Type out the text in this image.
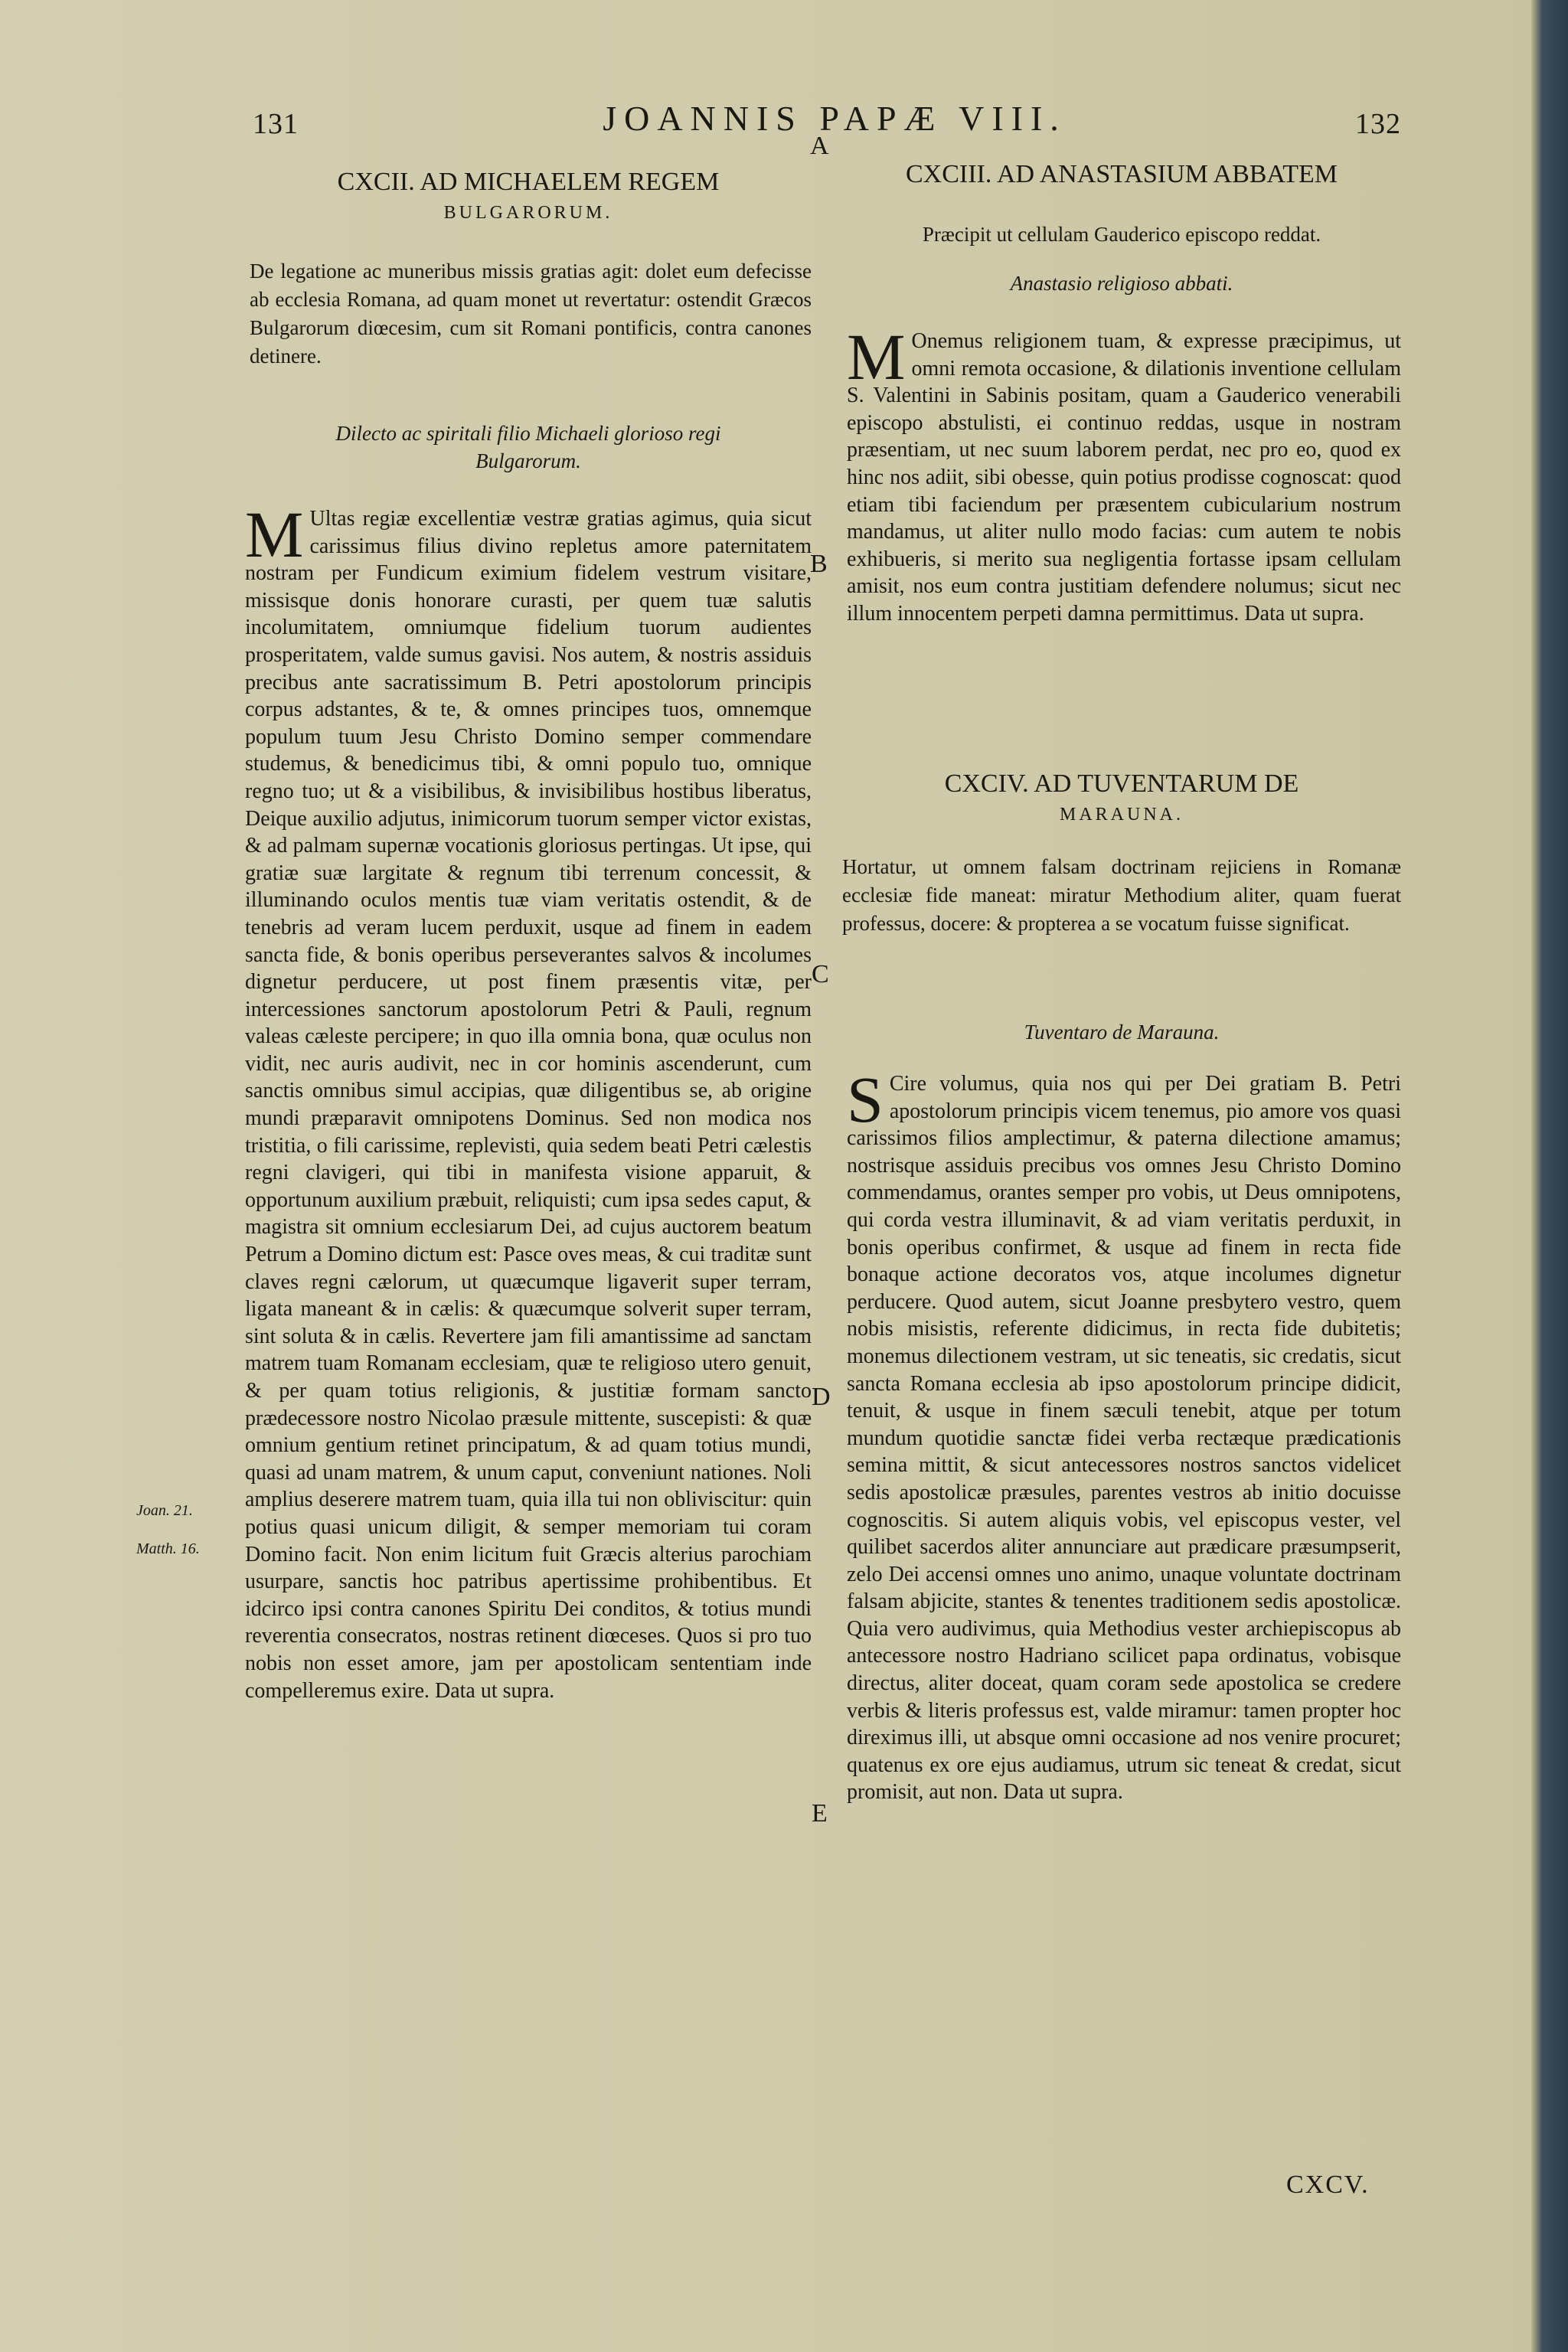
131	JOANNIS PAPÆ VIII.	132
A
B
C
D
E
CXCII. AD MICHAELEM REGEM
BULGARORUM.
De legatione ac muneribus missis gratias agit: dolet eum defecisse ab ecclesia Romana, ad quam monet ut revertatur: ostendit Græcos Bulgarorum diœcesim, cum sit Romani pontificis, contra canones detinere.
Dilecto ac spiritali filio Michaeli glorioso regi Bulgarorum.
M Ultas regiæ excellentiæ vestræ gratias agimus, quia sicut carissimus filius divino repletus amore paternitatem nostram per Fundicum eximium fidelem vestrum visitare, missisque donis honorare curasti, per quem tuæ salutis incolumitatem, omniumque fidelium tuorum audientes prosperitatem, valde sumus gavisi. Nos autem, & nostris assiduis precibus ante sacratissimum B. Petri apostolorum principis corpus adstantes, & te, & omnes principes tuos, omnemque populum tuum Jesu Christo Domino semper commendare studemus, & benedicimus tibi, & omni populo tuo, omnique regno tuo; ut & a visibilibus, & invisibilibus hostibus liberatus, Deique auxilio adjutus, inimicorum tuorum semper victor existas, & ad palmam supernæ vocationis gloriosus pertingas. Ut ipse, qui gratiæ suæ largitate & regnum tibi terrenum concessit, & illuminando oculos mentis tuæ viam veritatis ostendit, & de tenebris ad veram lucem perduxit, usque ad finem in eadem sancta fide, & bonis operibus perseverantes salvos & incolumes dignetur perducere, ut post finem præsentis vitæ, per intercessiones sanctorum apostolorum Petri & Pauli, regnum valeas cæleste percipere; in quo illa omnia bona, quæ oculus non vidit, nec auris audivit, nec in cor hominis ascenderunt, cum sanctis omnibus simul accipias, quæ diligentibus se, ab origine mundi præparavit omnipotens Dominus. Sed non modica nos tristitia, o fili carissime, replevisti, quia sedem beati Petri cælestis regni clavigeri, qui tibi in manifesta visione apparuit, & opportunum auxilium præbuit, reliquisti; cum ipsa sedes caput, & magistra sit omnium ecclesiarum Dei, ad cujus auctorem beatum Petrum a Domino dictum est: Pasce oves meas, & cui traditæ sunt claves regni cælorum, ut quæcumque ligaverit super terram, ligata maneant & in cælis: & quæcumque solverit super terram, sint soluta & in cælis. Revertere jam fili amantissime ad sanctam matrem tuam Romanam ecclesiam, quæ te religioso utero genuit, & per quam totius religionis, & justitiæ formam sancto prædecessore nostro Nicolao præsule mittente, suscepisti: & quæ omnium gentium retinet principatum, & ad quam totius mundi, quasi ad unam matrem, & unum caput, conveniunt nationes. Noli amplius deserere matrem tuam, quia illa tui non obliviscitur: quin potius quasi unicum diligit, & semper memoriam tui coram Domino facit. Non enim licitum fuit Græcis alterius parochiam usurpare, sanctis hoc patribus apertissime prohibentibus. Et idcirco ipsi contra canones Spiritu Dei conditos, & totius mundi reverentia consecratos, nostras retinent diœceses. Quos si pro tuo nobis non esset amore, jam per apostolicam sententiam inde compelleremus exire. Data ut supra.
Joan. 21.
Matth. 16.
CXCIII. AD ANASTASIUM ABBATEM
Præcipit ut cellulam Gauderico episcopo reddat.
Anastasio religioso abbati.
M Onemus religionem tuam, & expresse præcipimus, ut omni remota occasione, & dilationis inventione cellulam S. Valentini in Sabinis positam, quam a Gauderico venerabili episcopo abstulisti, ei continuo reddas, usque in nostram præsentiam, ut nec suum laborem perdat, nec pro eo, quod ex hinc nos adiit, sibi obesse, quin potius prodisse cognoscat: quod etiam tibi faciendum per præsentem cubicularium nostrum mandamus, ut aliter nullo modo facias: cum autem te nobis exhibueris, si merito sua negligentia fortasse ipsam cellulam amisit, nos eum contra justitiam defendere nolumus; sicut nec illum innocentem perpeti damna permittimus. Data ut supra.
CXCIV. AD TUVENTARUM DE
MARAUNA.
Hortatur, ut omnem falsam doctrinam rejiciens in Romanæ ecclesiæ fide maneat: miratur Methodium aliter, quam fuerat professus, docere: & propterea a se vocatum fuisse significat.
Tuventaro de Marauna.
S Cire volumus, quia nos qui per Dei gratiam B. Petri apostolorum principis vicem tenemus, pio amore vos quasi carissimos filios amplectimur, & paterna dilectione amamus; nostrisque assiduis precibus vos omnes Jesu Christo Domino commendamus, orantes semper pro vobis, ut Deus omnipotens, qui corda vestra illuminavit, & ad viam veritatis perduxit, in bonis operibus confirmet, & usque ad finem in recta fide bonaque actione decoratos vos, atque incolumes dignetur perducere. Quod autem, sicut Joanne presbytero vestro, quem nobis misistis, referente didicimus, in recta fide dubitetis; monemus dilectionem vestram, ut sic teneatis, sic credatis, sicut sancta Romana ecclesia ab ipso apostolorum principe didicit, tenuit, & usque in finem sæculi tenebit, atque per totum mundum quotidie sanctæ fidei verba rectæque prædicationis semina mittit, & sicut antecessores nostros sanctos videlicet sedis apostolicæ præsules, parentes vestros ab initio docuisse cognoscitis. Si autem aliquis vobis, vel episcopus vester, vel quilibet sacerdos aliter annunciare aut prædicare præsumpserit, zelo Dei accensi omnes uno animo, unaque voluntate doctrinam falsam abjicite, stantes & tenentes traditionem sedis apostolicæ. Quia vero audivimus, quia Methodius vester archiepiscopus ab antecessore nostro Hadriano scilicet papa ordinatus, vobisque directus, aliter doceat, quam coram sede apostolica se credere verbis & literis professus est, valde miramur: tamen propter hoc direximus illi, ut absque omni occasione ad nos venire procuret; quatenus ex ore ejus audiamus, utrum sic teneat & credat, sicut promisit, aut non. Data ut supra.
CXCV.
